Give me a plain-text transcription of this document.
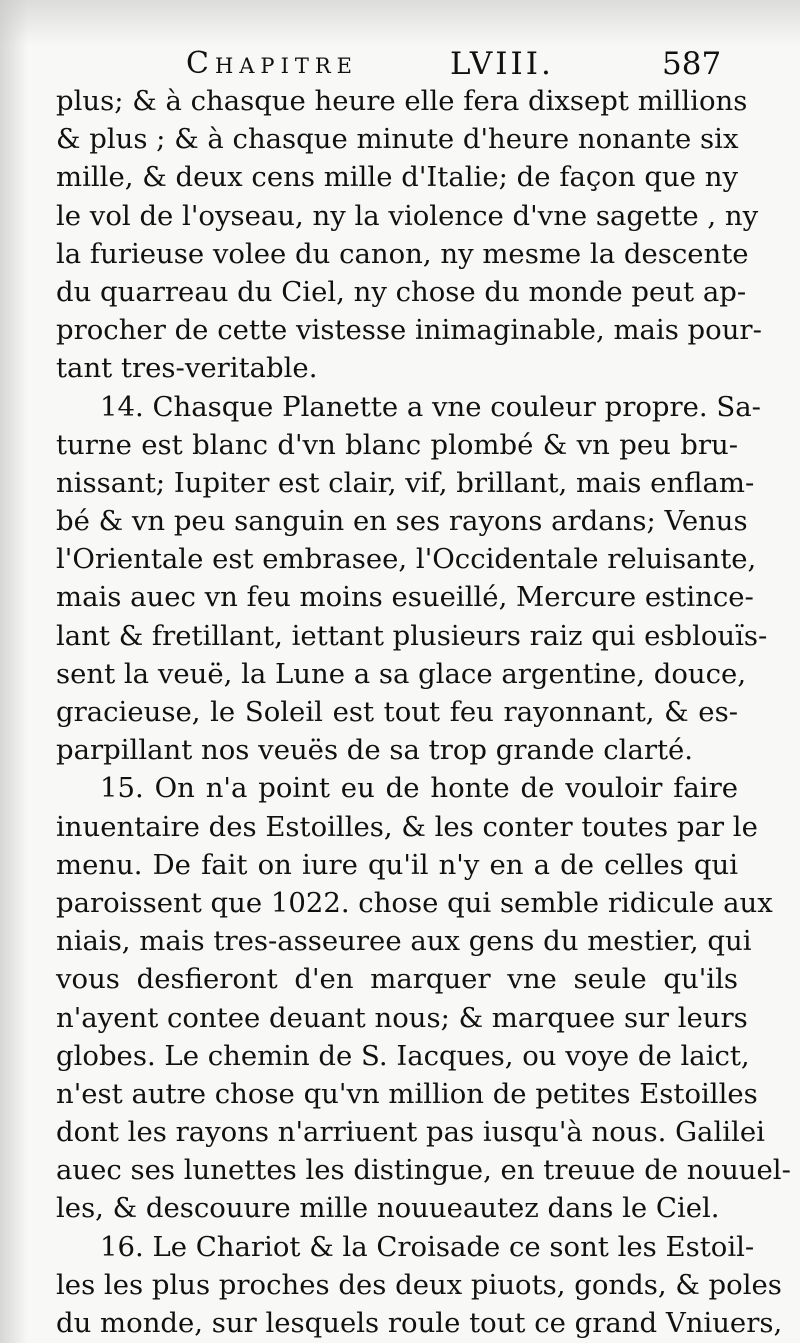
Chapitre	LVIII.	587
plus; & à chasque heure elle fera dixsept millions
& plus ; & à chasque minute d'heure nonante six
mille, & deux cens mille d'Italie; de façon que ny
le vol de l'oyseau, ny la violence d'vne sagette , ny
la furieuse volee du canon, ny mesme la descente
du quarreau du Ciel, ny chose du monde peut ap-
procher de cette vistesse inimaginable, mais pour-
tant tres-veritable.
14. Chasque Planette a vne couleur propre. Sa-
turne est blanc d'vn blanc plombé & vn peu bru-
nissant; Iupiter est clair, vif, brillant, mais enflam-
bé & vn peu sanguin en ses rayons ardans; Venus
l'Orientale est embrasee, l'Occidentale reluisante,
mais auec vn feu moins esueillé, Mercure estince-
lant & fretillant, iettant plusieurs raiz qui esblouïs-
sent la veuë, la Lune a sa glace argentine, douce,
gracieuse, le Soleil est tout feu rayonnant, & es-
parpillant nos veuës de sa trop grande clarté.
15. On n'a point eu de honte de vouloir faire
inuentaire des Estoilles, & les conter toutes par le
menu. De fait on iure qu'il n'y en a de celles qui
paroissent que 1022. chose qui semble ridicule aux
niais, mais tres-asseuree aux gens du mestier, qui
vous desfieront d'en marquer vne seule qu'ils
n'ayent contee deuant nous; & marquee sur leurs
globes. Le chemin de S. Iacques, ou voye de laict,
n'est autre chose qu'vn million de petites Estoilles
dont les rayons n'arriuent pas iusqu'à nous. Galilei
auec ses lunettes les distingue, en treuue de nouuel-
les, & descouure mille nouueautez dans le Ciel.
16. Le Chariot & la Croisade ce sont les Estoil-
les les plus proches des deux piuots, gonds, & poles
du monde, sur lesquels roule tout ce grand Vniuers,
